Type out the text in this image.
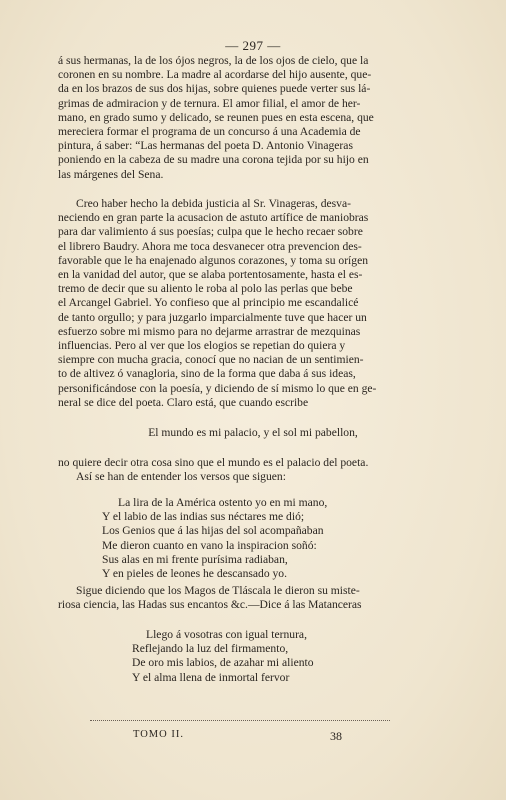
— 297 —

á sus hermanas, la de los ójos negros, la de los ojos de cielo, que la

coronen en su nombre. La madre al acordarse del hijo ausente, que-

da en los brazos de sus dos hijas, sobre quienes puede verter sus lá-

grimas de admiracion y de ternura. El amor filial, el amor de her-

mano, en grado sumo y delicado, se reunen pues en esta escena, que

mereciera formar el programa de un concurso á una Academia de

pintura, á saber: “Las hermanas del poeta D. Antonio Vinageras

poniendo en la cabeza de su madre una corona tejida por su hijo en

las márgenes del Sena.

Creo haber hecho la debida justicia al Sr. Vinageras, desva-

neciendo en gran parte la acusacion de astuto artífice de maniobras

para dar valimiento á sus poesías; culpa que le hecho recaer sobre

el librero Baudry. Ahora me toca desvanecer otra prevencion des-

favorable que le ha enajenado algunos corazones, y toma su orígen

en la vanidad del autor, que se alaba portentosamente, hasta el es-

tremo de decir que su aliento le roba al polo las perlas que bebe

el Arcangel Gabriel. Yo confieso que al principio me escandalicé

de tanto orgullo; y para juzgarlo imparcialmente tuve que hacer un

esfuerzo sobre mi mismo para no dejarme arrastrar de mezquinas

influencias. Pero al ver que los elogios se repetian do quiera y

siempre con mucha gracia, conocí que no nacian de un sentimien-

to de altivez ó vanagloria, sino de la forma que daba á sus ideas,

personificándose con la poesía, y diciendo de sí mismo lo que en ge-

neral se dice del poeta. Claro está, que cuando escribe

El mundo es mi palacio, y el sol mi pabellon,

no quiere decir otra cosa sino que el mundo es el palacio del poeta.

Así se han de entender los versos que siguen:

La lira de la América ostento yo en mi mano,
Y el labio de las indias sus néctares me dió;
Los Genios que á las hijas del sol acompañaban
Me dieron cuanto en vano la inspiracion soñó:
Sus alas en mi frente purísima radiaban,
Y en pieles de leones he descansado yo.

Sigue diciendo que los Magos de Tláscala le dieron su miste-

riosa ciencia, las Hadas sus encantos &c.—Dice á las Matanceras

Llego á vosotras con igual ternura,
Reflejando la luz del firmamento,
De oro mis labios, de azahar mi aliento
Y el alma llena de inmortal fervor
TOMO II.	38
